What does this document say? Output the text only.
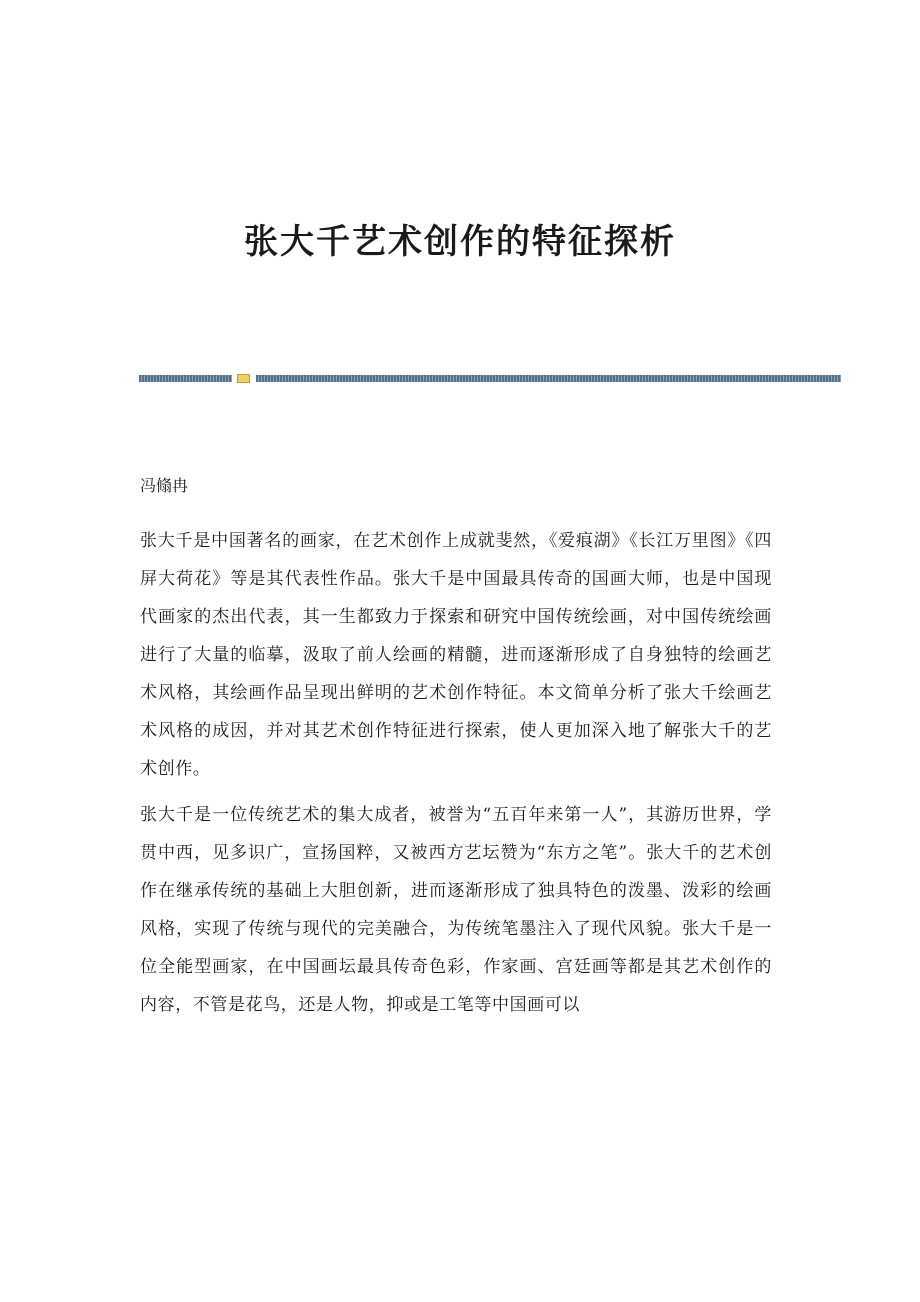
张大千艺术创作的特征探析

冯翛冉

张大千是中国著名的画家，在艺术创作上成就斐然，《爱痕湖》《长江万里图》《四屏大荷花》等是其代表性作品。张大千是中国最具传奇的国画大师，也是中国现代画家的杰出代表，其一生都致力于探索和研究中国传统绘画，对中国传统绘画进行了大量的临摹，汲取了前人绘画的精髓，进而逐渐形成了自身独特的绘画艺术风格，其绘画作品呈现出鲜明的艺术创作特征。本文简单分析了张大千绘画艺术风格的成因，并对其艺术创作特征进行探索，使人更加深入地了解张大千的艺术创作。

张大千是一位传统艺术的集大成者，被誉为“五百年来第一人”，其游历世界，学贯中西，见多识广，宣扬国粹，又被西方艺坛赞为“东方之笔”。张大千的艺术创作在继承传统的基础上大胆创新，进而逐渐形成了独具特色的泼墨、泼彩的绘画风格，实现了传统与现代的完美融合，为传统笔墨注入了现代风貌。张大千是一位全能型画家，在中国画坛最具传奇色彩，作家画、宫廷画等都是其艺术创作的内容，不管是花鸟，还是人物，抑或是工笔等中国画可以
